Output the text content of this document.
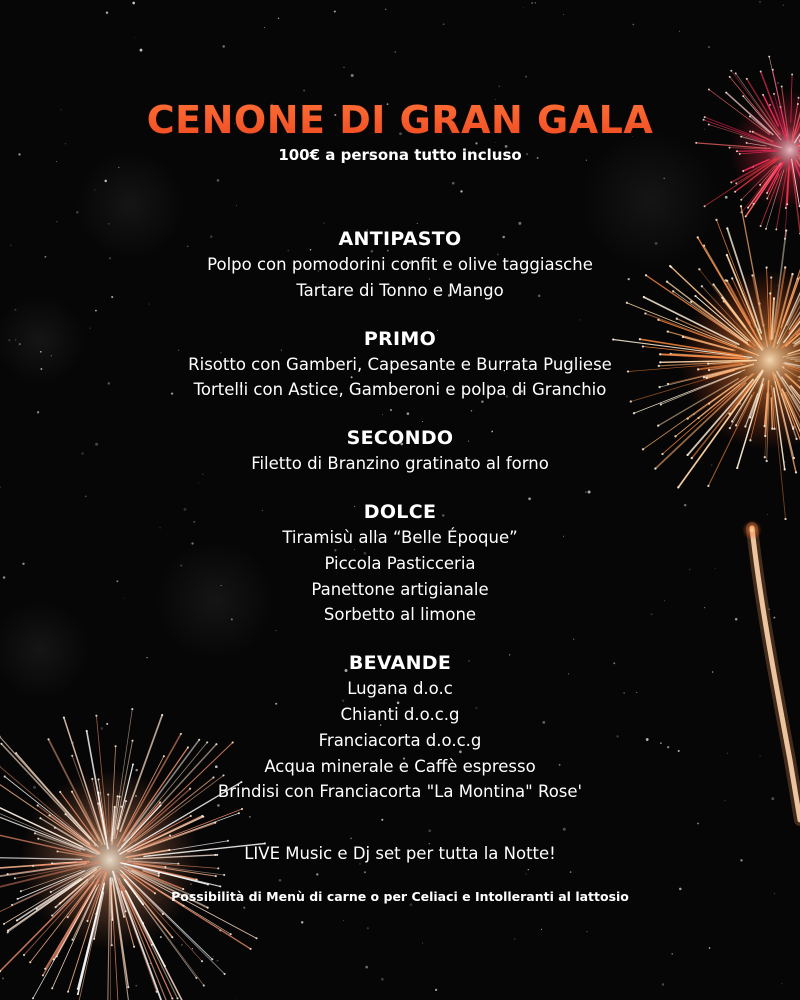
CENONE DI GRAN GALA
100€ a persona tutto incluso
ANTIPASTO
Polpo con pomodorini confit e olive taggiasche
Tartare di Tonno e Mango
PRIMO
Risotto con Gamberi, Capesante e Burrata Pugliese
Tortelli con Astice, Gamberoni e polpa di Granchio
SECONDO
Filetto di Branzino gratinato al forno
DOLCE
Tiramisù alla “Belle Époque”
Piccola Pasticceria
Panettone artigianale
Sorbetto al limone
BEVANDE
Lugana d.o.c
Chianti d.o.c.g
Franciacorta d.o.c.g
Acqua minerale e Caffè espresso
Brindisi con Franciacorta "La Montina" Rose'
LIVE Music e Dj set per tutta la Notte!
Possibilità di Menù di carne o per Celiaci e Intolleranti al lattosio
